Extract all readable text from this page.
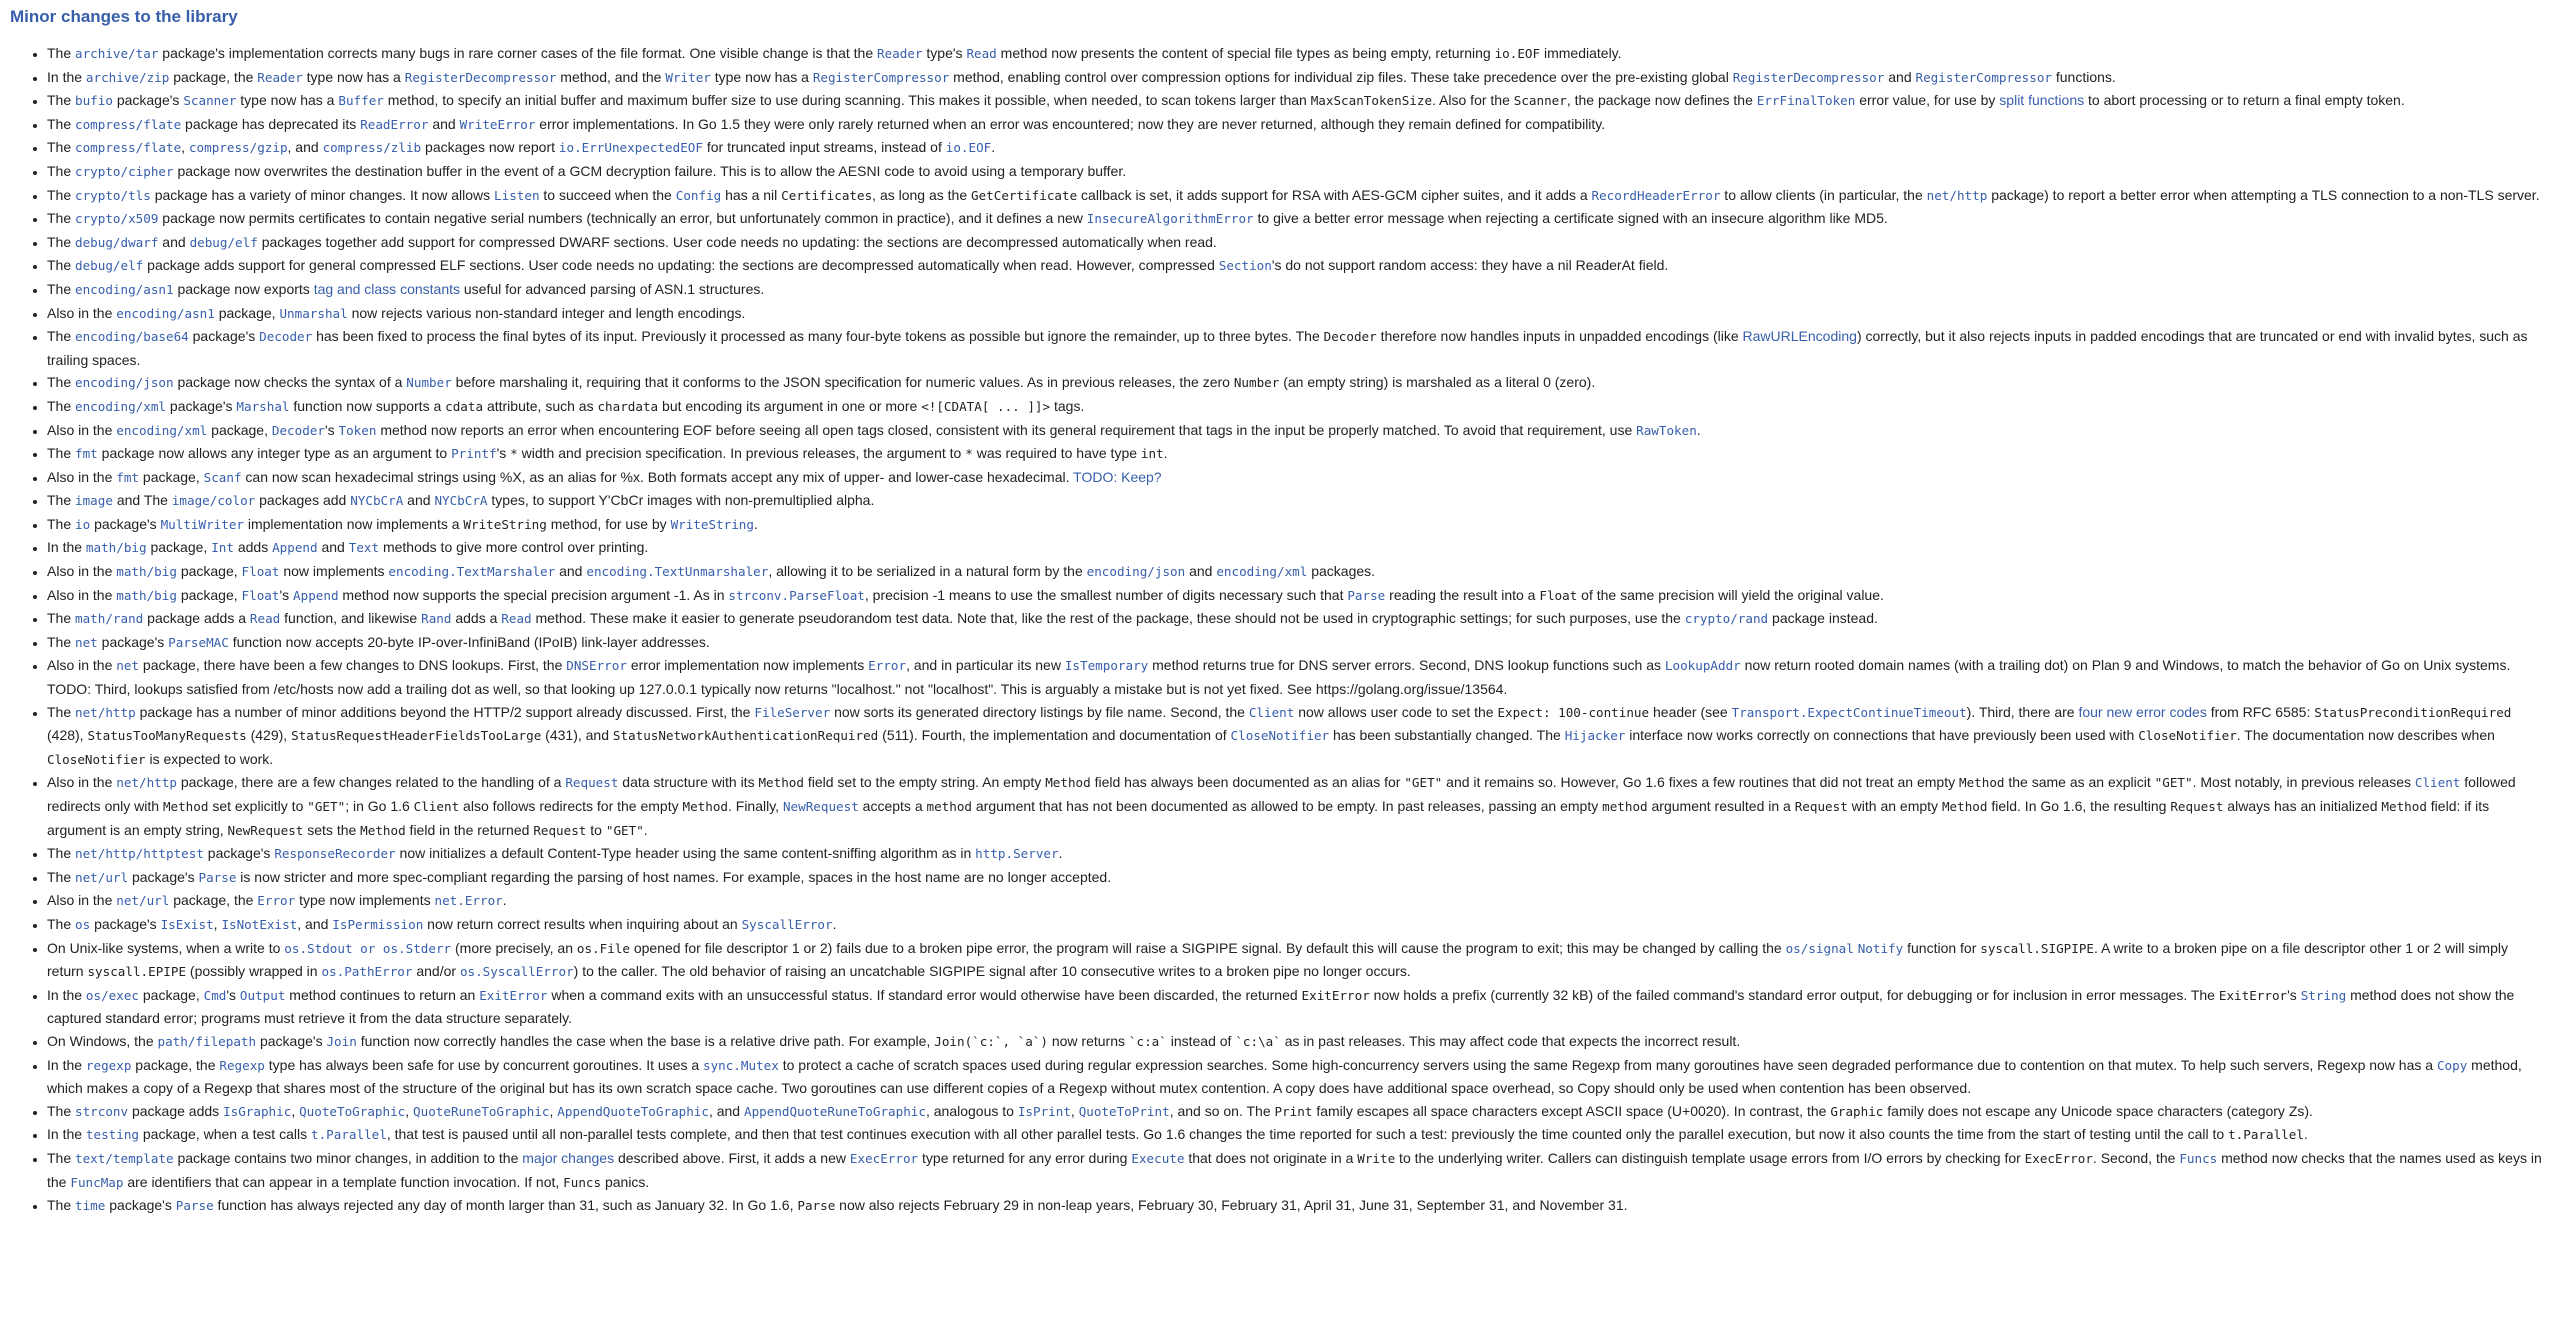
Minor changes to the library
• The archive/tar package's implementation corrects many bugs in rare corner cases of the file format. One visible change is that the Reader type's Read method now presents the content of special file types as being empty, returning io.EOF immediately.
• In the archive/zip package, the Reader type now has a RegisterDecompressor method, and the Writer type now has a RegisterCompressor method, enabling control over compression options for individual zip files. These take precedence over the pre-existing global RegisterDecompressor and RegisterCompressor functions.
• The bufio package's Scanner type now has a Buffer method, to specify an initial buffer and maximum buffer size to use during scanning. This makes it possible, when needed, to scan tokens larger than MaxScanTokenSize. Also for the Scanner, the package now defines the ErrFinalToken error value, for use by split functions to abort processing or to return a final empty token.
• The compress/flate package has deprecated its ReadError and WriteError error implementations. In Go 1.5 they were only rarely returned when an error was encountered; now they are never returned, although they remain defined for compatibility.
• The compress/flate, compress/gzip, and compress/zlib packages now report io.ErrUnexpectedEOF for truncated input streams, instead of io.EOF.
• The crypto/cipher package now overwrites the destination buffer in the event of a GCM decryption failure. This is to allow the AESNI code to avoid using a temporary buffer.
• The crypto/tls package has a variety of minor changes. It now allows Listen to succeed when the Config has a nil Certificates, as long as the GetCertificate callback is set, it adds support for RSA with AES-GCM cipher suites, and it adds a RecordHeaderError to allow clients (in particular, the net/http package) to report a better error when attempting a TLS connection to a non-TLS server.
• The crypto/x509 package now permits certificates to contain negative serial numbers (technically an error, but unfortunately common in practice), and it defines a new InsecureAlgorithmError to give a better error message when rejecting a certificate signed with an insecure algorithm like MD5.
• The debug/dwarf and debug/elf packages together add support for compressed DWARF sections. User code needs no updating: the sections are decompressed automatically when read.
• The debug/elf package adds support for general compressed ELF sections. User code needs no updating: the sections are decompressed automatically when read. However, compressed Section's do not support random access: they have a nil ReaderAt field.
• The encoding/asn1 package now exports tag and class constants useful for advanced parsing of ASN.1 structures.
• Also in the encoding/asn1 package, Unmarshal now rejects various non-standard integer and length encodings.
• The encoding/base64 package's Decoder has been fixed to process the final bytes of its input. Previously it processed as many four-byte tokens as possible but ignore the remainder, up to three bytes. The Decoder therefore now handles inputs in unpadded encodings (like RawURLEncoding) correctly, but it also rejects inputs in padded encodings that are truncated or end with invalid bytes, such as trailing spaces.
• The encoding/json package now checks the syntax of a Number before marshaling it, requiring that it conforms to the JSON specification for numeric values. As in previous releases, the zero Number (an empty string) is marshaled as a literal 0 (zero).
• The encoding/xml package's Marshal function now supports a cdata attribute, such as chardata but encoding its argument in one or more <![CDATA[ ... ]]> tags.
• Also in the encoding/xml package, Decoder's Token method now reports an error when encountering EOF before seeing all open tags closed, consistent with its general requirement that tags in the input be properly matched. To avoid that requirement, use RawToken.
• The fmt package now allows any integer type as an argument to Printf's * width and precision specification. In previous releases, the argument to * was required to have type int.
• Also in the fmt package, Scanf can now scan hexadecimal strings using %X, as an alias for %x. Both formats accept any mix of upper- and lower-case hexadecimal. TODO: Keep?
• The image and The image/color packages add NYCbCrA and NYCbCrA types, to support Y'CbCr images with non-premultiplied alpha.
• The io package's MultiWriter implementation now implements a WriteString method, for use by WriteString.
• In the math/big package, Int adds Append and Text methods to give more control over printing.
• Also in the math/big package, Float now implements encoding.TextMarshaler and encoding.TextUnmarshaler, allowing it to be serialized in a natural form by the encoding/json and encoding/xml packages.
• Also in the math/big package, Float's Append method now supports the special precision argument -1. As in strconv.ParseFloat, precision -1 means to use the smallest number of digits necessary such that Parse reading the result into a Float of the same precision will yield the original value.
• The math/rand package adds a Read function, and likewise Rand adds a Read method. These make it easier to generate pseudorandom test data. Note that, like the rest of the package, these should not be used in cryptographic settings; for such purposes, use the crypto/rand package instead.
• The net package's ParseMAC function now accepts 20-byte IP-over-InfiniBand (IPoIB) link-layer addresses.
• Also in the net package, there have been a few changes to DNS lookups. First, the DNSError error implementation now implements Error, and in particular its new IsTemporary method returns true for DNS server errors. Second, DNS lookup functions such as LookupAddr now return rooted domain names (with a trailing dot) on Plan 9 and Windows, to match the behavior of Go on Unix systems. TODO: Third, lookups satisfied from /etc/hosts now add a trailing dot as well, so that looking up 127.0.0.1 typically now returns "localhost." not "localhost". This is arguably a mistake but is not yet fixed. See https://golang.org/issue/13564.
• The net/http package has a number of minor additions beyond the HTTP/2 support already discussed. First, the FileServer now sorts its generated directory listings by file name. Second, the Client now allows user code to set the Expect: 100-continue header (see Transport.ExpectContinueTimeout). Third, there are four new error codes from RFC 6585: StatusPreconditionRequired (428), StatusTooManyRequests (429), StatusRequestHeaderFieldsTooLarge (431), and StatusNetworkAuthenticationRequired (511). Fourth, the implementation and documentation of CloseNotifier has been substantially changed. The Hijacker interface now works correctly on connections that have previously been used with CloseNotifier. The documentation now describes when CloseNotifier is expected to work.
• Also in the net/http package, there are a few changes related to the handling of a Request data structure with its Method field set to the empty string. An empty Method field has always been documented as an alias for "GET" and it remains so. However, Go 1.6 fixes a few routines that did not treat an empty Method the same as an explicit "GET". Most notably, in previous releases Client followed redirects only with Method set explicitly to "GET"; in Go 1.6 Client also follows redirects for the empty Method. Finally, NewRequest accepts a method argument that has not been documented as allowed to be empty. In past releases, passing an empty method argument resulted in a Request with an empty Method field. In Go 1.6, the resulting Request always has an initialized Method field: if its argument is an empty string, NewRequest sets the Method field in the returned Request to "GET".
• The net/http/httptest package's ResponseRecorder now initializes a default Content-Type header using the same content-sniffing algorithm as in http.Server.
• The net/url package's Parse is now stricter and more spec-compliant regarding the parsing of host names. For example, spaces in the host name are no longer accepted.
• Also in the net/url package, the Error type now implements net.Error.
• The os package's IsExist, IsNotExist, and IsPermission now return correct results when inquiring about an SyscallError.
• On Unix-like systems, when a write to os.Stdout or os.Stderr (more precisely, an os.File opened for file descriptor 1 or 2) fails due to a broken pipe error, the program will raise a SIGPIPE signal. By default this will cause the program to exit; this may be changed by calling the os/signal Notify function for syscall.SIGPIPE. A write to a broken pipe on a file descriptor other 1 or 2 will simply return syscall.EPIPE (possibly wrapped in os.PathError and/or os.SyscallError) to the caller. The old behavior of raising an uncatchable SIGPIPE signal after 10 consecutive writes to a broken pipe no longer occurs.
• In the os/exec package, Cmd's Output method continues to return an ExitError when a command exits with an unsuccessful status. If standard error would otherwise have been discarded, the returned ExitError now holds a prefix (currently 32 kB) of the failed command's standard error output, for debugging or for inclusion in error messages. The ExitError's String method does not show the captured standard error; programs must retrieve it from the data structure separately.
• On Windows, the path/filepath package's Join function now correctly handles the case when the base is a relative drive path. For example, Join(`c:`, `a`) now returns `c:a` instead of `c:\a` as in past releases. This may affect code that expects the incorrect result.
• In the regexp package, the Regexp type has always been safe for use by concurrent goroutines. It uses a sync.Mutex to protect a cache of scratch spaces used during regular expression searches. Some high-concurrency servers using the same Regexp from many goroutines have seen degraded performance due to contention on that mutex. To help such servers, Regexp now has a Copy method, which makes a copy of a Regexp that shares most of the structure of the original but has its own scratch space cache. Two goroutines can use different copies of a Regexp without mutex contention. A copy does have additional space overhead, so Copy should only be used when contention has been observed.
• The strconv package adds IsGraphic, QuoteToGraphic, QuoteRuneToGraphic, AppendQuoteToGraphic, and AppendQuoteRuneToGraphic, analogous to IsPrint, QuoteToPrint, and so on. The Print family escapes all space characters except ASCII space (U+0020). In contrast, the Graphic family does not escape any Unicode space characters (category Zs).
• In the testing package, when a test calls t.Parallel, that test is paused until all non-parallel tests complete, and then that test continues execution with all other parallel tests. Go 1.6 changes the time reported for such a test: previously the time counted only the parallel execution, but now it also counts the time from the start of testing until the call to t.Parallel.
• The text/template package contains two minor changes, in addition to the major changes described above. First, it adds a new ExecError type returned for any error during Execute that does not originate in a Write to the underlying writer. Callers can distinguish template usage errors from I/O errors by checking for ExecError. Second, the Funcs method now checks that the names used as keys in the FuncMap are identifiers that can appear in a template function invocation. If not, Funcs panics.
• The time package's Parse function has always rejected any day of month larger than 31, such as January 32. In Go 1.6, Parse now also rejects February 29 in non-leap years, February 30, February 31, April 31, June 31, September 31, and November 31.
